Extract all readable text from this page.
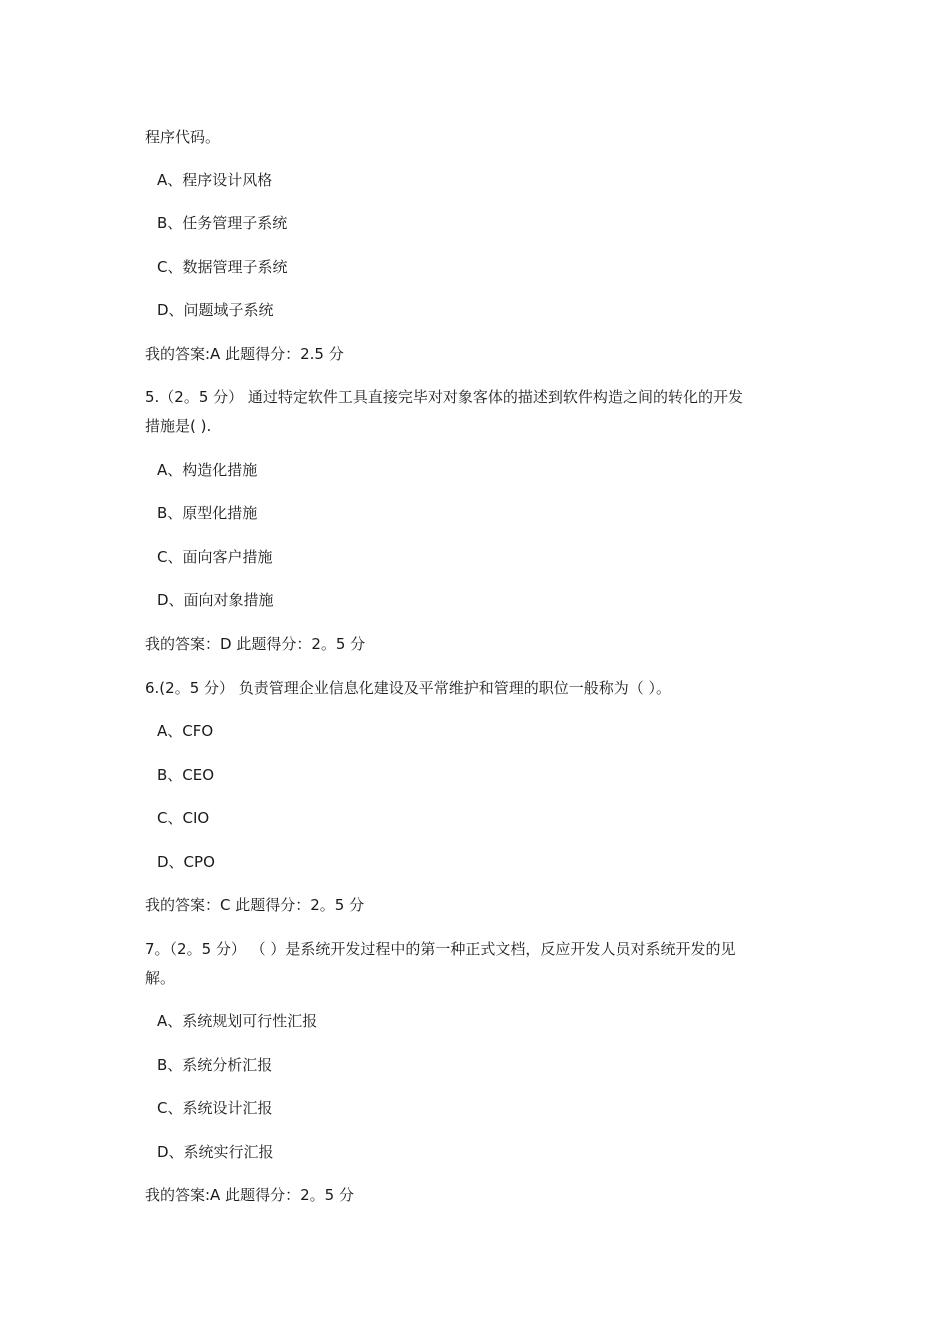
程序代码。
A、程序设计风格
B、任务管理子系统
C、数据管理子系统
D、问题域子系统
我的答案:A 此题得分：2.5 分
5.（2。5 分） 通过特定软件工具直接完毕对对象客体的描述到软件构造之间的转化的开发
措施是( ).
A、构造化措施
B、原型化措施
C、面向客户措施
D、面向对象措施
我的答案：D 此题得分：2。5 分
6.(2。5 分） 负责管理企业信息化建设及平常维护和管理的职位一般称为（ ）。
A、CFO
B、CEO
C、CIO
D、CPO
我的答案：C 此题得分：2。5 分
7。（2。5 分） （ ）是系统开发过程中的第一种正式文档，反应开发人员对系统开发的见
解。
A、系统规划可行性汇报
B、系统分析汇报
C、系统设计汇报
D、系统实行汇报
我的答案:A 此题得分：2。5 分
